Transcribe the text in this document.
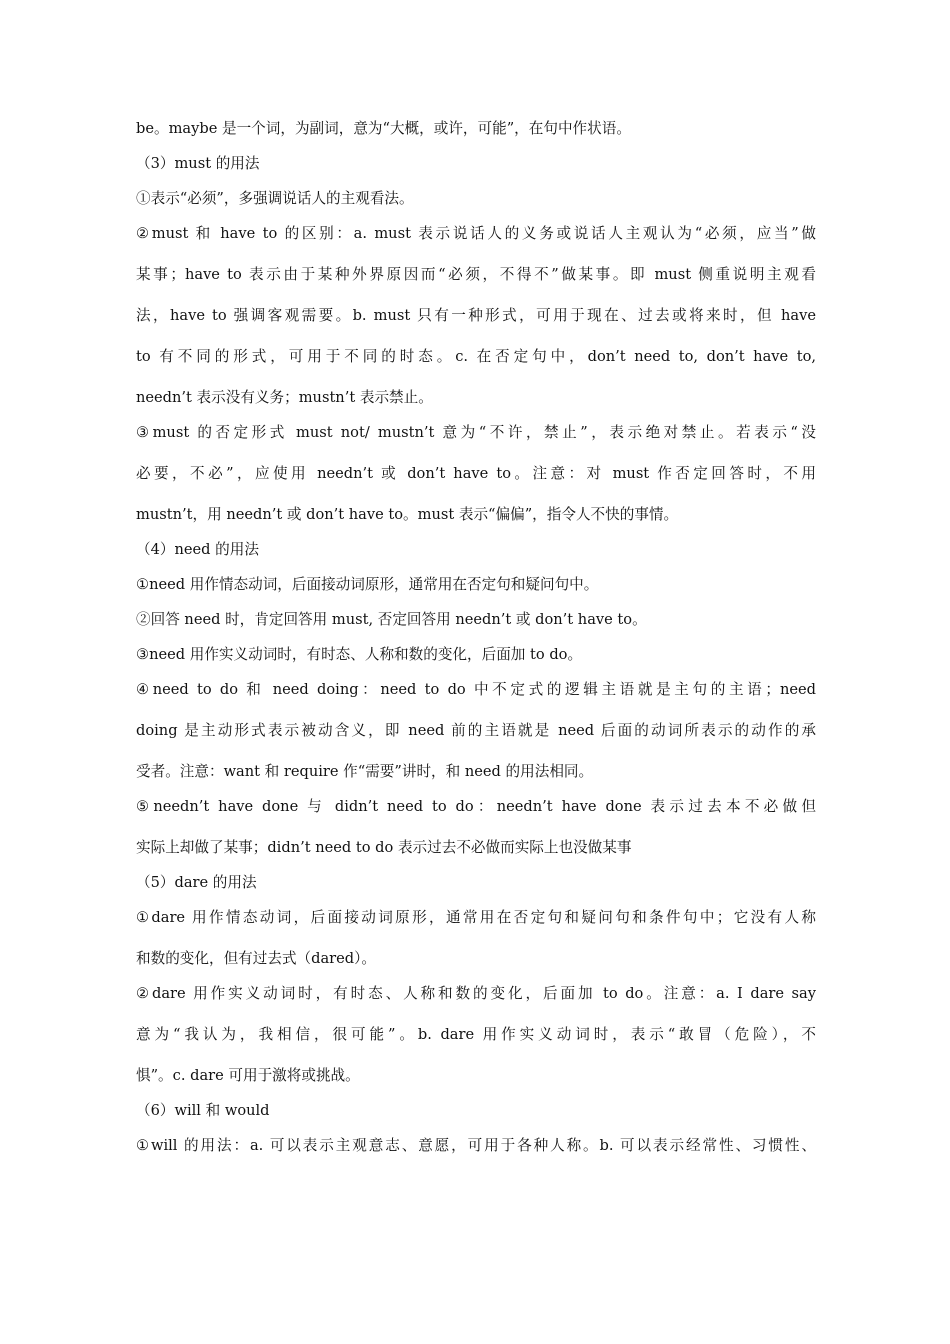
be。maybe 是一个词，为副词，意为“大概，或许，可能”，在句中作状语。

（3）must 的用法

①表示“必须”，多强调说话人的主观看法。

②must 和 have to 的区别：a. must 表示说话人的义务或说话人主观认为“必须，应当”做

某事；have to 表示由于某种外界原因而“必须，不得不”做某事。即 must 侧重说明主观看

法，have to 强调客观需要。b. must 只有一种形式，可用于现在、过去或将来时，但 have

to 有不同的形式，可用于不同的时态。c. 在否定句中，don’t need to, don’t have to,

needn’t 表示没有义务；mustn’t 表示禁止。

③must 的否定形式 must not/ mustn’t 意为“不许，禁止”，表示绝对禁止。若表示“没

必要，不必”，应使用 needn’t 或 don’t have to。注意：对 must 作否定回答时，不用

mustn’t，用 needn’t 或 don’t have to。must 表示“偏偏”，指令人不快的事情。

（4）need 的用法

①need 用作情态动词，后面接动词原形，通常用在否定句和疑问句中。

②回答 need 时，肯定回答用 must, 否定回答用 needn’t 或 don’t have to。

③need 用作实义动词时，有时态、人称和数的变化，后面加 to do。

④need to do 和 need doing：need to do 中不定式的逻辑主语就是主句的主语；need

doing 是主动形式表示被动含义，即 need 前的主语就是 need 后面的动词所表示的动作的承

受者。注意：want 和 require 作“需要”讲时，和 need 的用法相同。

⑤needn’t have done 与 didn’t need to do：needn’t have done 表示过去本不必做但

实际上却做了某事；didn’t need to do 表示过去不必做而实际上也没做某事

（5）dare 的用法

①dare 用作情态动词，后面接动词原形，通常用在否定句和疑问句和条件句中；它没有人称

和数的变化，但有过去式（dared）。

②dare 用作实义动词时，有时态、人称和数的变化，后面加 to do。注意：a. I dare say

意为“我认为，我相信，很可能”。b. dare 用作实义动词时，表示“敢冒（危险），不

惧”。c. dare 可用于激将或挑战。

（6）will 和 would

①will 的用法：a. 可以表示主观意志、意愿，可用于各种人称。b. 可以表示经常性、习惯性、
